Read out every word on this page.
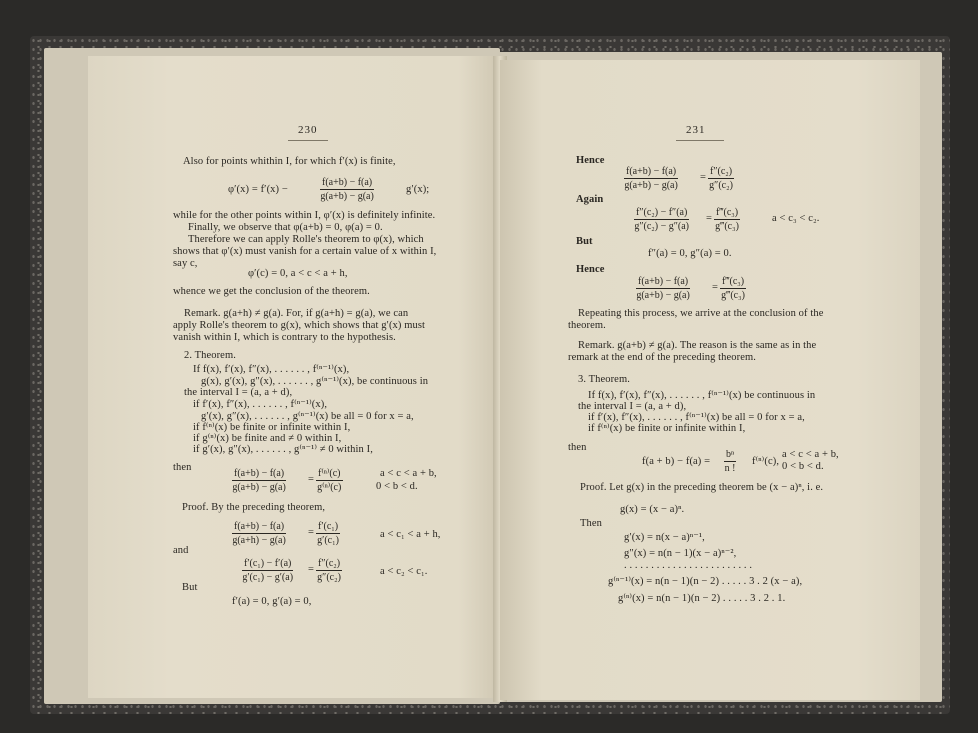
230
Also for points whithin I, for which f′(x) is finite,
φ′(x) = f′(x) −	$\frac{f(a+b) - f(a)}{g(a+b) - g(a)}$	g′(x);
while for the other points within I, φ′(x) is definitely infinite.
Finally, we observe that φ(a+b) = 0, φ(a) = 0.
Therefore we can apply Rolle's theorem to φ(x), which
shows that φ′(x) must vanish for a certain value of x within I,
say c,
φ′(c) = 0, a < c < a + h,
whence we get the conclusion of the theorem.
Remark. g(a+h) ≠ g(a). For, if g(a+h) = g(a), we can
apply Rolle's theorem to g(x), which shows that g′(x) must
vanish within I, which is contrary to the hypothesis.
2. Theorem.
If f(x), f′(x), f″(x), . . . . . . , f⁽ⁿ⁻¹⁾(x),
g(x), g′(x), g″(x), . . . . . . , g⁽ⁿ⁻¹⁾(x), be continuous in
the interval I = (a, a + d),
if f′(x), f″(x), . . . . . . , f⁽ⁿ⁻¹⁾(x),
g′(x), g″(x), . . . . . . , g⁽ⁿ⁻¹⁾(x) be all = 0 for x = a,
if f⁽ⁿ⁾(x) be finite or infinite within I,
if g⁽ⁿ⁾(x) be finite and ≠ 0 within I,
if g′(x), g″(x), . . . . . . , g⁽ⁿ⁻¹⁾ ≠ 0 within I,
then
$\frac{f(a+b) - f(a)}{g(a+b) - g(a)} = \frac{\text{f⁽ⁿ⁾(c)}}{\text{g⁽ⁿ⁾(c)}}$	a < c < a + b,
0 < b < d.
Proof. By the preceding theorem,
$\frac{f(a+b) - f(a)}{g(a+h) - g(a)} = \frac{\text{f′(c₁)}}{\text{g′(c₁)}}$	a < c₁ < a + h,
and
$\frac{\text{f′(c₁) − f′(a)}}{\text{g′(c₁) − g′(a)}} = \frac{\text{f″(c₂)}}{\text{g″(c₂)}}$	a < c₂ < c₁.
But
f′(a) = 0, g′(a) = 0,
231
Hence
$\frac{f(a+b) - f(a)}{g(a+b) - g(a)} = \frac{\text{f″(c₂)}}{\text{g″(c₂)}}$
Again
$\frac{\text{f″(c₂) − f″(a)}}{\text{g″(c₂) − g″(a)}} = \frac{\text{f‴(c₃)}}{\text{g‴(c₃)}}$	a < c₃ < c₂.
But
f″(a) = 0, g″(a) = 0.
Hence
$\frac{f(a+b) - f(a)}{g(a+b) - g(a)} = \frac{\text{f‴(c₃)}}{\text{g‴(c₃)}}$
Repeating this process, we arrive at the conclusion of the
theorem.
Remark. g(a+b) ≠ g(a). The reason is the same as in the
remark at the end of the preceding theorem.
3. Theorem.
If f(x), f′(x), f″(x), . . . . . . , f⁽ⁿ⁻¹⁾(x) be continuous in
the interval I = (a, a + d),
if f′(x), f″(x), . . . . . . , f⁽ⁿ⁻¹⁾(x) be all = 0 for x = a,
if f⁽ⁿ⁾(x) be finite or infinite within I,
then
$f(a + b) - f(a) = \frac{\text{bⁿ}}{n !} f^{(n)}(c)$,
a < c < a + b,
0 < b < d.
Proof. Let g(x) in the preceding theorem be (x − a)ⁿ, i. e.
g(x) = (x − a)ⁿ.
Then
g′(x) = n(x − a)ⁿ⁻¹,
g″(x) = n(n − 1)(x − a)ⁿ⁻²,
. . . . . . . . . . . . . . . . . . . . . . . .
g⁽ⁿ⁻¹⁾(x) = n(n − 1)(n − 2) . . . . . 3 . 2 (x − a),
g⁽ⁿ⁾(x) = n(n − 1)(n − 2) . . . . . 3 . 2 . 1.
